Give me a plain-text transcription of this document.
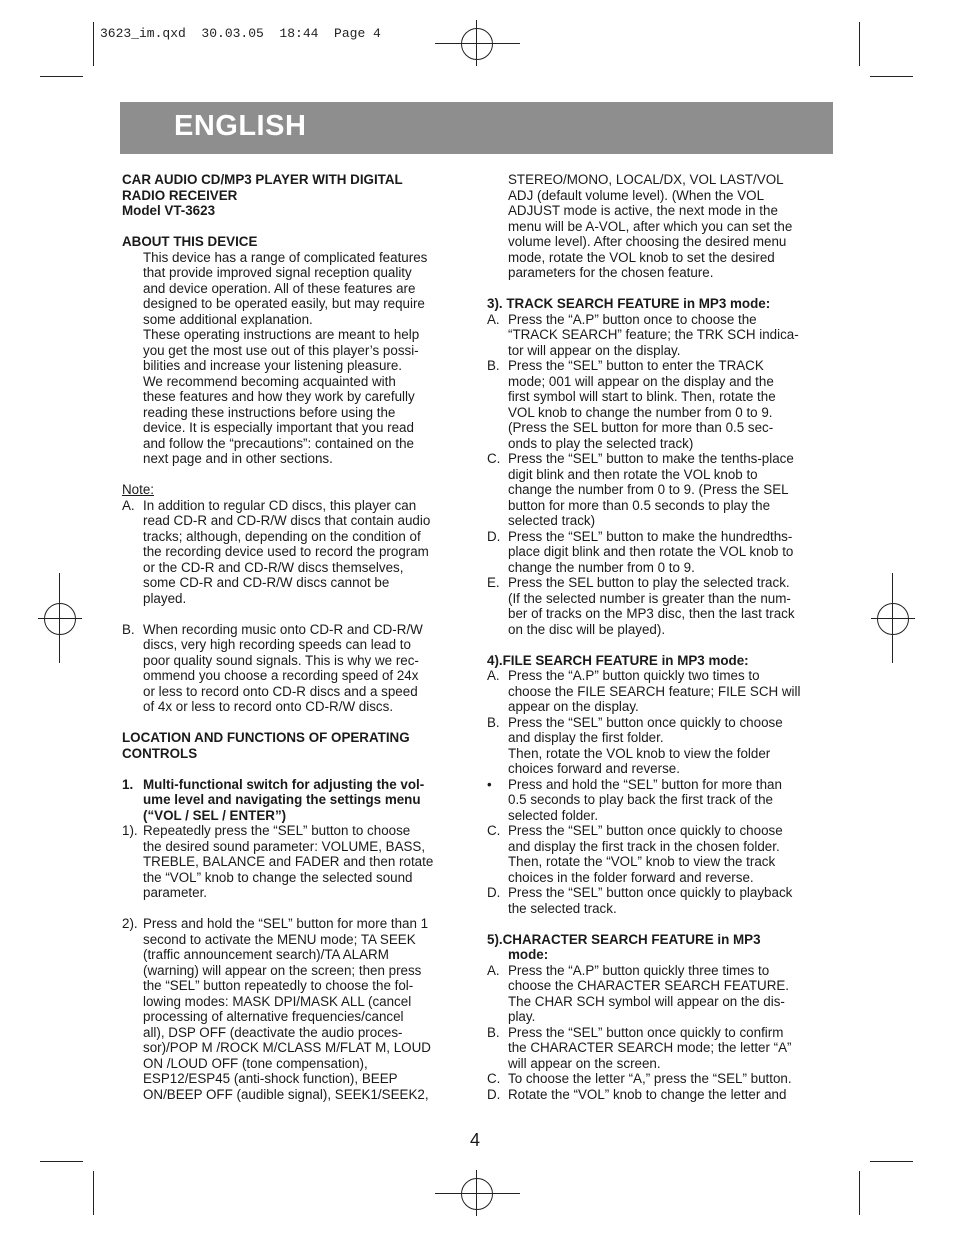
3623_im.qxd  30.03.05  18:44  Page 4
ENGLISH

CAR AUDIO CD/MP3 PLAYER WITH DIGITAL

RADIO RECEIVER

Model VT-3623

ABOUT THIS DEVICE

This device has a range of complicated features

that provide improved signal reception quality

and device operation. All of these features are

designed to be operated easily, but may require

some additional explanation.

These operating instructions are meant to help

you get the most use out of this player’s possi-

bilities and increase your listening pleasure.

We recommend becoming acquainted with

these features and how they work by carefully

reading these instructions before using the

device. It is especially important that you read

and follow the “precautions”: contained on the

next page and in other sections.

Note:

A. In addition to regular CD discs, this player can

read CD-R and CD-R/W discs that contain audio

tracks; although, depending on the condition of

the recording device used to record the program

or the CD-R and CD-R/W discs themselves,

some CD-R and CD-R/W discs cannot be

played.

B. When recording music onto CD-R and CD-R/W

discs, very high recording speeds can lead to

poor quality sound signals. This is why we rec-

ommend you choose a recording speed of 24x

or less to record onto CD-R discs and a speed

of 4x or less to record onto CD-R/W discs.

LOCATION AND FUNCTIONS OF OPERATING

CONTROLS

1. Multi-functional switch for adjusting the vol-

ume level and navigating the settings menu

(“VOL / SEL / ENTER”)

1). Repeatedly press the “SEL” button to choose

the desired sound parameter: VOLUME, BASS,

TREBLE, BALANCE and FADER and then rotate

the “VOL” knob to change the selected sound

parameter.

2). Press and hold the “SEL” button for more than 1

second to activate the MENU mode; TA SEEK

(traffic announcement search)/TA ALARM

(warning) will appear on the screen; then press

the “SEL” button repeatedly to choose the fol-

lowing modes: MASK DPI/MASK ALL (cancel

processing of alternative frequencies/cancel

all), DSP OFF (deactivate the audio proces-

sor)/POP M /ROCK M/CLASS M/FLAT M, LOUD

ON /LOUD OFF (tone compensation),

ESP12/ESP45 (anti-shock function), BEEP

ON/BEEP OFF (audible signal), SEEK1/SEEK2,

STEREO/MONO, LOCAL/DX, VOL LAST/VOL

ADJ (default volume level). (When the VOL

ADJUST mode is active, the next mode in the

menu will be A-VOL, after which you can set the

volume level). After choosing the desired menu

mode, rotate the VOL knob to set the desired

parameters for the chosen feature.

3). TRACK SEARCH FEATURE in MP3 mode:

A. Press the “A.P” button once to choose the

“TRACK SEARCH” feature; the TRK SCH indica-

tor will appear on the display.

B. Press the “SEL” button to enter the TRACK

mode; 001 will appear on the display and the

first symbol will start to blink. Then, rotate the

VOL knob to change the number from 0 to 9.

(Press the SEL button for more than 0.5 sec-

onds to play the selected track)

C. Press the “SEL” button to make the tenths-place

digit blink and then rotate the VOL knob to

change the number from 0 to 9. (Press the SEL

button for more than 0.5 seconds to play the

selected track)

D. Press the “SEL” button to make the hundredths-

place digit blink and then rotate the VOL knob to

change the number from 0 to 9.

E. Press the SEL button to play the selected track.

(If the selected number is greater than the num-

ber of tracks on the MP3 disc, then the last track

on the disc will be played).

4).FILE SEARCH FEATURE in MP3 mode:

A. Press the “A.P” button quickly two times to

choose the FILE SEARCH feature; FILE SCH will

appear on the display.

B. Press the “SEL” button once quickly to choose

and display the first folder.

Then, rotate the VOL knob to view the folder

choices forward and reverse.

•	Press and hold the “SEL” button for more than

0.5 seconds to play back the first track of the

selected folder.

C. Press the “SEL” button once quickly to choose

and display the first track in the chosen folder.

Then, rotate the “VOL” knob to view the track

choices in the folder forward and reverse.

D. Press the “SEL” button once quickly to playback

the selected track.

5).CHARACTER SEARCH FEATURE in MP3

mode:

A. Press the “A.P” button quickly three times to

choose the CHARACTER SEARCH FEATURE.

The CHAR SCH symbol will appear on the dis-

play.

B. Press the “SEL” button once quickly to confirm

the CHARACTER SEARCH mode; the letter “A”

will appear on the screen.

C. To choose the letter “A,” press the “SEL” button.

D. Rotate the “VOL” knob to change the letter and

4
